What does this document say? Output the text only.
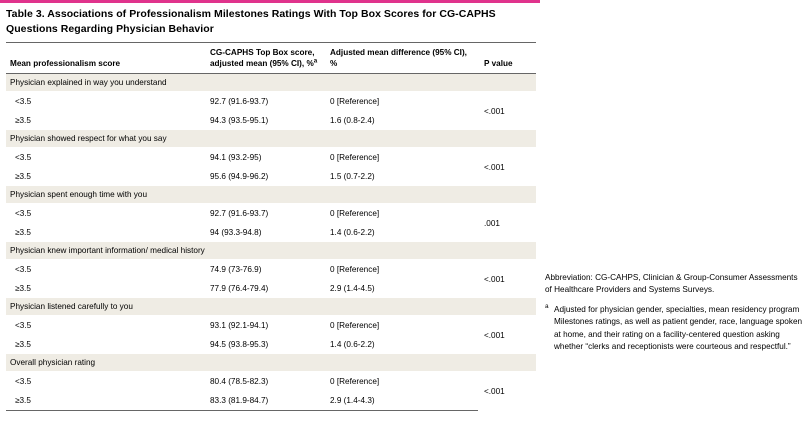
Table 3. Associations of Professionalism Milestones Ratings With Top Box Scores for CG-CAPHS Questions Regarding Physician Behavior
Mean professionalism score	CG-CAPHS Top Box score, adjusted mean (95% CI), %$^a$	Adjusted mean difference (95% CI), %	P value
Physician explained in way you understand			
<3.5	92.7 (91.6-93.7)	0 [Reference]	<.001
≥3.5	94.3 (93.5-95.1)	1.6 (0.8-2.4)	
Physician showed respect for what you say			
<3.5	94.1 (93.2-95)	0 [Reference]	<.001
≥3.5	95.6 (94.9-96.2)	1.5 (0.7-2.2)	
Physician spent enough time with you			
<3.5	92.7 (91.6-93.7)	0 [Reference]	.001
≥3.5	94 (93.3-94.8)	1.4 (0.6-2.2)	
Physician knew important information/ medical history			
<3.5	74.9 (73-76.9)	0 [Reference]	<.001
≥3.5	77.9 (76.4-79.4)	2.9 (1.4-4.5)	
Physician listened carefully to you			
<3.5	93.1 (92.1-94.1)	0 [Reference]	<.001
≥3.5	94.5 (93.8-95.3)	1.4 (0.6-2.2)	
Overall physician rating			
<3.5	80.4 (78.5-82.3)	0 [Reference]	<.001
≥3.5	83.3 (81.9-84.7)	2.9 (1.4-4.3)	
Abbreviation: CG-CAHPS, Clinician & Group-Consumer Assessments of Healthcare Providers and Systems Surveys.
a Adjusted for physician gender, specialties, mean residency program Milestones ratings, as well as patient gender, race, language spoken at home, and their rating on a facility-centered question asking whether “clerks and receptionists were courteous and respectful.”
